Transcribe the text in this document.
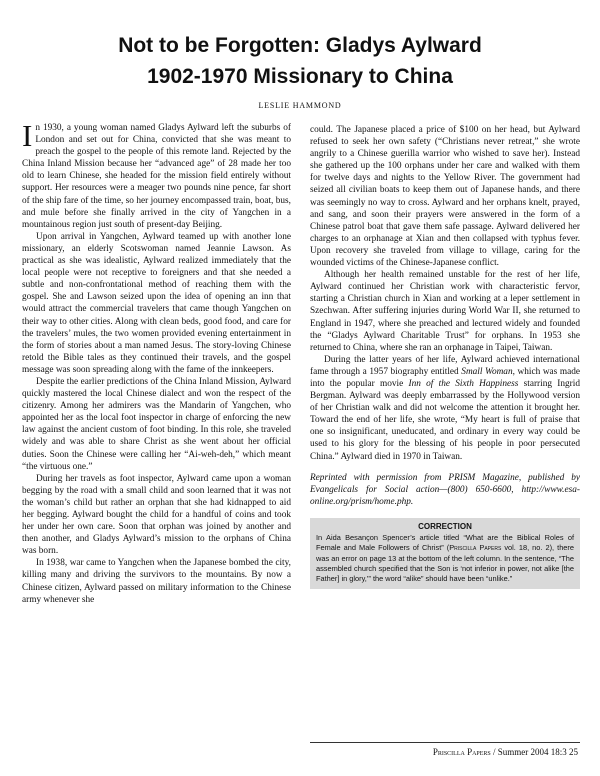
Not to be Forgotten: Gladys Aylward
1902-1970 Missionary to China
LESLIE HAMMOND

In 1930, a young woman named Gladys Aylward left the suburbs of London and set out for China, convicted that she was meant to preach the gospel to the people of this remote land. Rejected by the China Inland Mission because her “advanced age” of 28 made her too old to learn Chinese, she headed for the mission field entirely without support. Her resources were a meager two pounds nine pence, far short of the ship fare of the time, so her journey encompassed train, boat, bus, and mule before she finally arrived in the city of Yangchen in a mountainous region just south of present-day Beijing.

Upon arrival in Yangchen, Aylward teamed up with another lone missionary, an elderly Scotswoman named Jeannie Lawson. As practical as she was idealistic, Aylward realized immediately that the local people were not receptive to foreigners and that she needed a subtle and non-confrontational method of reaching them with the gospel. She and Lawson seized upon the idea of opening an inn that would attract the commercial travelers that came though Yangchen on their way to other cities. Along with clean beds, good food, and care for the travelers’ mules, the two women provided evening entertainment in the form of stories about a man named Jesus. The story-loving Chinese retold the Bible tales as they continued their travels, and the gospel message was soon spreading along with the fame of the innkeepers.

Despite the earlier predictions of the China Inland Mission, Aylward quickly mastered the local Chinese dialect and won the respect of the citizenry. Among her admirers was the Mandarin of Yangchen, who appointed her as the local foot inspector in charge of enforcing the new law against the ancient custom of foot binding. In this role, she traveled widely and was able to share Christ as she went about her official duties. Soon the Chinese were calling her “Ai-weh-deh,” which meant “the virtuous one.”

During her travels as foot inspector, Aylward came upon a woman begging by the road with a small child and soon learned that it was not the woman’s child but rather an orphan that she had kidnapped to aid her begging. Aylward bought the child for a handful of coins and took her under her own care. Soon that orphan was joined by another and then another, and Gladys Aylward’s mission to the orphans of China was born.

In 1938, war came to Yangchen when the Japanese bombed the city, killing many and driving the survivors to the mountains. By now a Chinese citizen, Aylward passed on military information to the Chinese army whenever she

could. The Japanese placed a price of $100 on her head, but Aylward refused to seek her own safety (“Christians never retreat,” she wrote angrily to a Chinese guerilla warrior who wished to save her). Instead she gathered up the 100 orphans under her care and walked with them for twelve days and nights to the Yellow River. The government had seized all civilian boats to keep them out of Japanese hands, and there was seemingly no way to cross. Aylward and her orphans knelt, prayed, and sang, and soon their prayers were answered in the form of a Chinese patrol boat that gave them safe passage. Aylward delivered her charges to an orphanage at Xian and then collapsed with typhus fever. Upon recovery she traveled from village to village, caring for the wounded victims of the Chinese-Japanese conflict.

Although her health remained unstable for the rest of her life, Aylward continued her Christian work with characteristic fervor, starting a Christian church in Xian and working at a leper settlement in Szechwan. After suffering injuries during World War II, she returned to England in 1947, where she preached and lectured widely and founded the “Gladys Aylward Charitable Trust” for orphans. In 1953 she returned to China, where she ran an orphanage in Taipei, Taiwan.

During the latter years of her life, Aylward achieved international fame through a 1957 biography entitled Small Woman, which was made into the popular movie Inn of the Sixth Happiness starring Ingrid Bergman. Aylward was deeply embarrassed by the Hollywood version of her Christian walk and did not welcome the attention it brought her. Toward the end of her life, she wrote, “My heart is full of praise that one so insignificant, uneducated, and ordinary in every way could be used to his glory for the blessing of his people in poor persecuted China.” Aylward died in 1970 in Taiwan.

Reprinted with permission from PRISM Magazine, published by Evangelicals for Social action—(800) 650-6600, http://www.esa-online.org/prism/home.php.

CORRECTION
In Aida Besançon Spencer’s article titled “What are the Biblical Roles of Female and Male Followers of Christ” (Priscilla Papers vol. 18, no. 2), there was an error on page 13 at the bottom of the left column. In the sentence, “The assembled church specified that the Son is ‘not inferior in power, not alike [the Father] in glory,’” the word “alike” should have been “unlike.”
Priscilla Papers / Summer 2004 18:3 25
